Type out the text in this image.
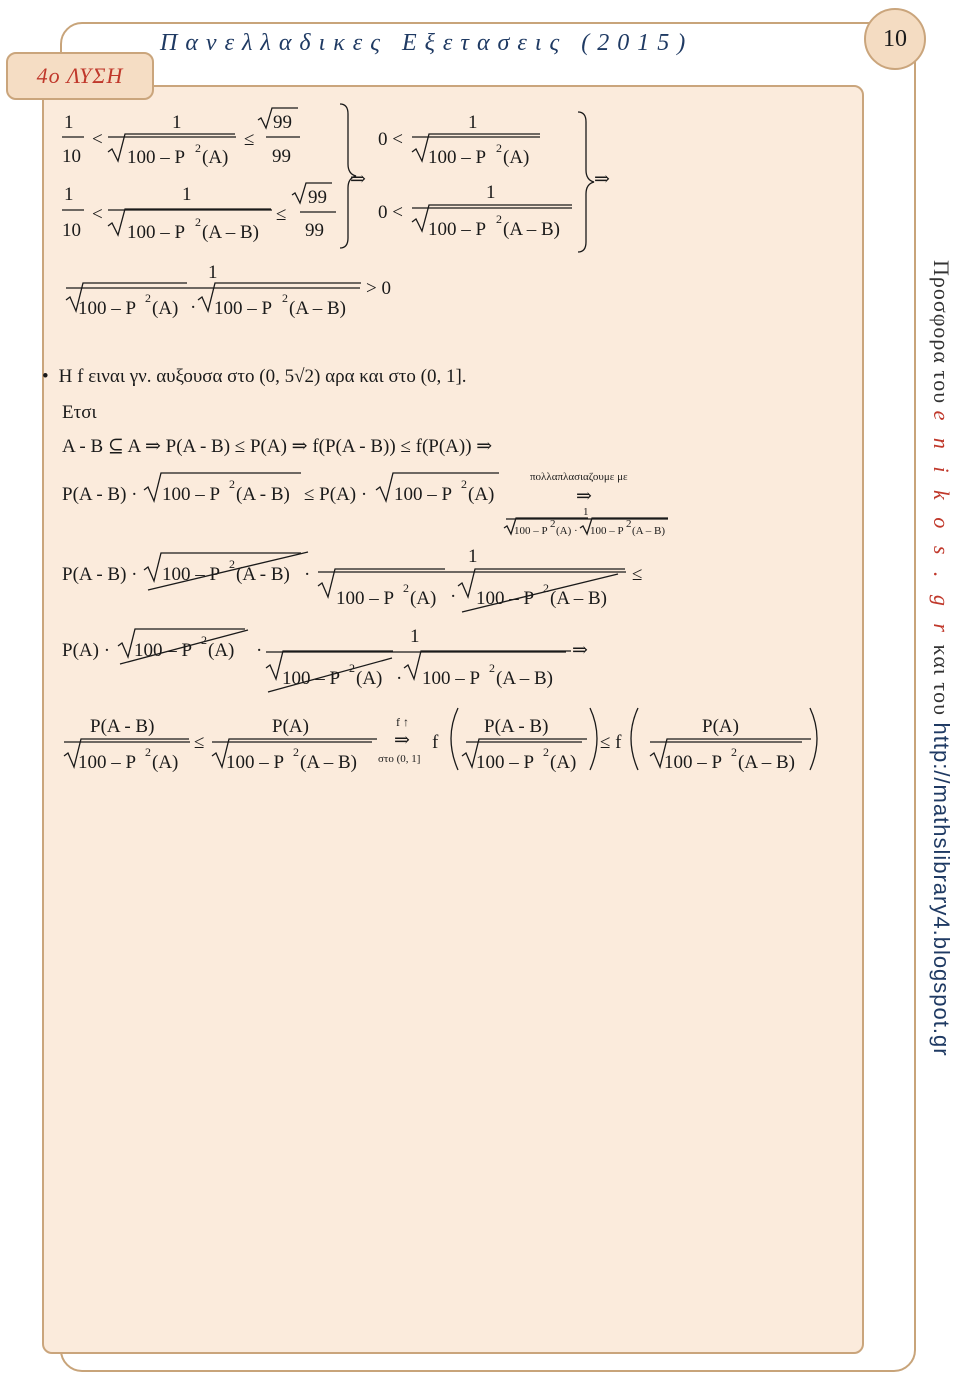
Πανελλαδικες Εξετασεις (2015)
4ο ΛΥΣΗ
10
Προσφορα του e n i k o s . g r και του http://mathslibrary4.blogspot.gr
• Η f ειναι γν. αυξουσα στο (0, 5√2) αρα και στο (0, 1].
Ετσι
1
10
<
1
100 – P 2 (A)
≤
99
99
1
10
<
1
100 – P 2 (A – B)
≤
99
99
⇒
0 <
1
100 – P 2 (A)
0 <
1
100 – P 2 (A – B)
⇒
1
100 – P 2 (A) · 100 – P 2 (A – B)
> 0
A - B ⊆ A ⇒ P(A - B) ≤ P(A) ⇒ f(P(A - B)) ≤ f(P(A)) ⇒
P(A - B) · 100 – P 2 (A - B) ≤ P(A) · 100 – P 2 (A)
πολλαπλασιαζουμε με
⇒
1
100 – P
2
(A) · 100 – P
2
(A – B)
P(A - B) · 100 – P 2 (A - B) ·
1
100 – P 2 (A) · 100 – P 2 (A – B)
≤
P(A) · 100 – P 2 (A) ·
1
100 – P 2 (A) · 100 – P 2 (A – B)
⇒
P(A - B)
100 – P 2 (A)
≤
P(A)
100 – P 2 (A – B)
f ↑
⇒
στο (0, 1]
f
P(A - B)
100 – P 2 (A)
≤ f
P(A)
100 – P 2 (A – B)
